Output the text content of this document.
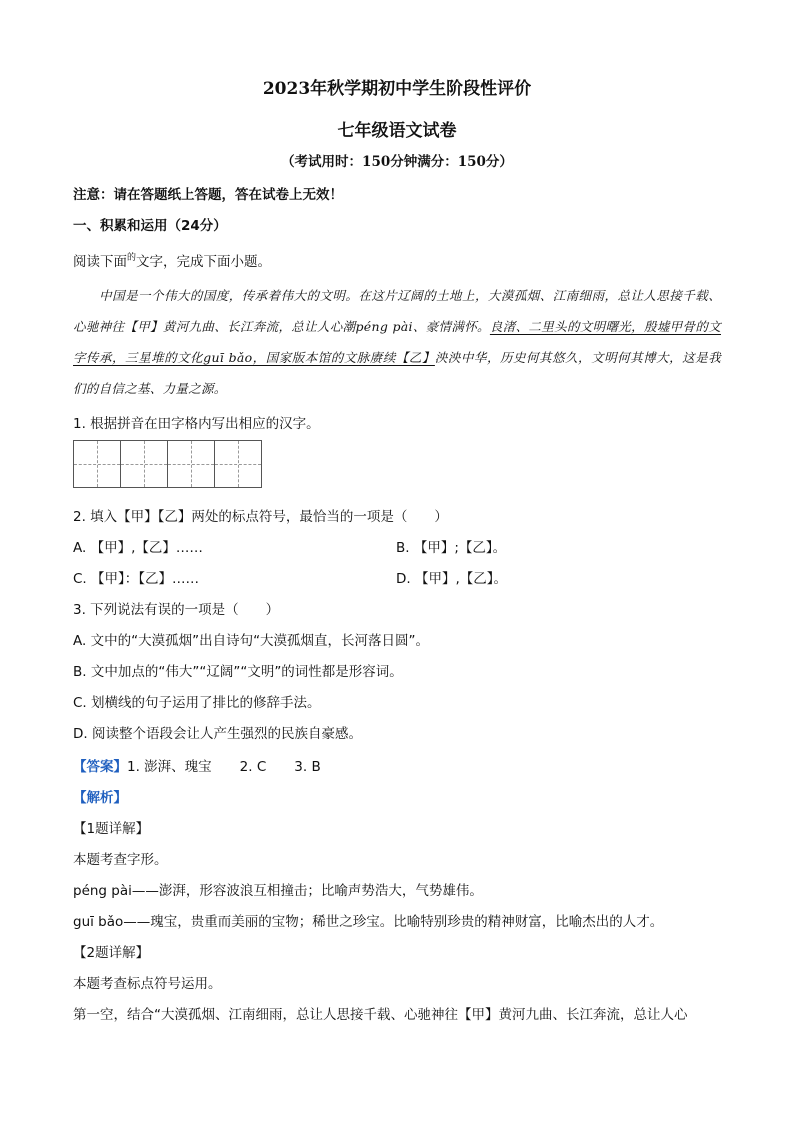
2023年秋学期初中学生阶段性评价
七年级语文试卷
（考试用时：150分钟满分：150分）
注意：请在答题纸上答题，答在试卷上无效！
一、积累和运用（24分）
阅读下面$^的$文字，完成下面小题。

中国是一个伟大的国度，传承着伟大的文明。在这片辽阔的土地上，大漠孤烟、江南细雨，总让人思接千载、心驰神往【甲】黄河九曲、长江奔流，总让人心潮péng pài、豪情满怀。良渚、二里头的文明曙光，殷墟甲骨的文字传承，三星堆的文化guī bǎo，国家版本馆的文脉赓续【乙】泱泱中华，历史何其悠久，文明何其博大，这是我们的自信之基、力量之源。

1. 根据拼音在田字格内写出相应的汉字。
2. 填入【甲】【乙】两处的标点符号，最恰当的一项是（　　）
A. 【甲】,【乙】……	B. 【甲】;【乙】。
C. 【甲】：【乙】……	D. 【甲】,【乙】。
3. 下列说法有误的一项是（　　）
A. 文中的“大漠孤烟”出自诗句“大漠孤烟直，长河落日圆”。
B. 文中加点的“伟大”“辽阔”“文明”的词性都是形容词。
C. 划横线的句子运用了排比的修辞手法。
D. 阅读整个语段会让人产生强烈的民族自豪感。
【答案】1. 澎湃、瑰宝 2. C 3. B
【解析】
【1题详解】
本题考查字形。
péng pài——澎湃，形容波浪互相撞击；比喻声势浩大，气势雄伟。
guī bǎo——瑰宝，贵重而美丽的宝物；稀世之珍宝。比喻特别珍贵的精神财富，比喻杰出的人才。
【2题详解】
本题考查标点符号运用。
第一空，结合“大漠孤烟、江南细雨，总让人思接千载、心驰神往【甲】黄河九曲、长江奔流，总让人心
